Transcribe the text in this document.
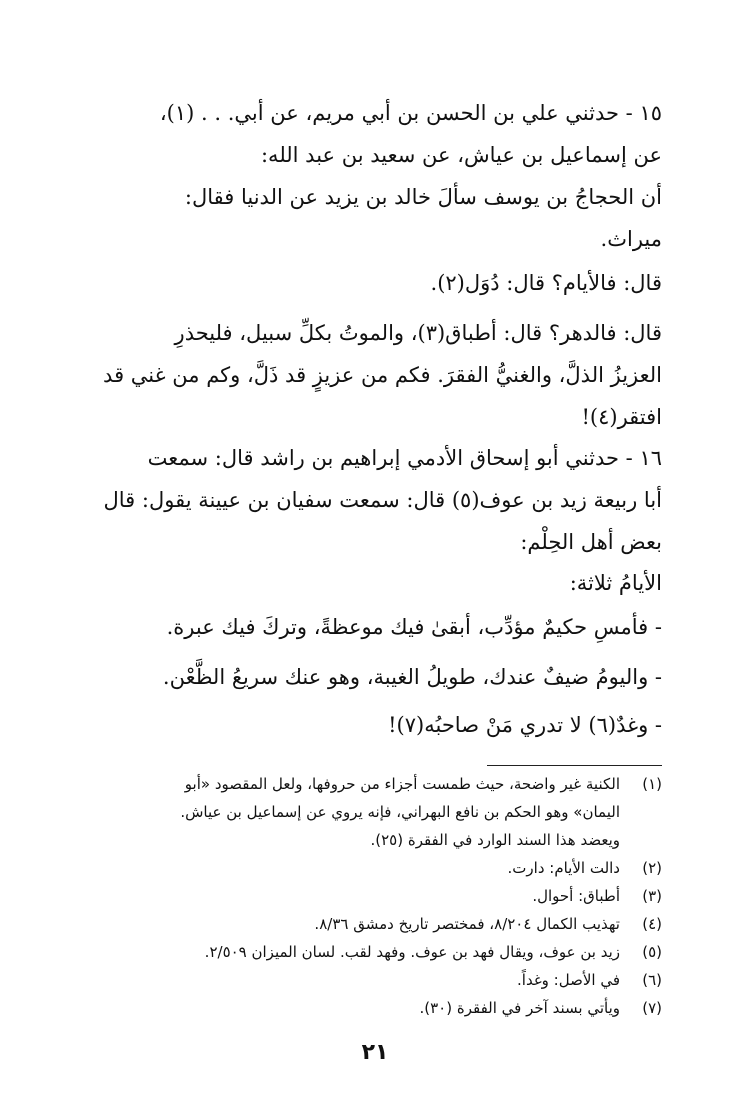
١٥ - حدثني علي بن الحسن بن أبي مريم، عن أبي. . . (١)،
عن إسماعيل بن عياش، عن سعيد بن عبد الله:
أن الحجاجُ بن يوسف سألَ خالد بن يزيد عن الدنيا فقال:
ميراث.
قال: فالأيام؟ قال: دُوَل(٢).
قال: فالدهر؟ قال: أطباق(٣)، والموتُ بكلِّ سبيل، فليحذرِ
العزيزُ الذلَّ، والغنيُّ الفقرَ. فكم من عزيزٍ قد ذَلَّ، وكم من غني قد
افتقر(٤)!
١٦ - حدثني أبو إسحاق الأدمي إبراهيم بن راشد قال: سمعت
أبا ربيعة زيد بن عوف(٥) قال: سمعت سفيان بن عيينة يقول: قال
بعض أهل الحِلْم:
الأيامُ ثلاثة:
- فأمسِ حكيمٌ مؤدِّب، أبقىٰ فيك موعظةً، وتركَ فيك عبرة.
- واليومُ ضيفٌ عندك، طويلُ الغيبة، وهو عنك سريعُ الظَّعْن.
- وغدٌ(٦) لا تدري مَنْ صاحبُه(٧)!
(١)
الكنية غير واضحة، حيث طمست أجزاء من حروفها، ولعل المقصود «أبو
اليمان» وهو الحكم بن نافع البهراني، فإنه يروي عن إسماعيل بن عياش.
ويعضد هذا السند الوارد في الفقرة (٢٥).
(٢)
دالت الأيام: دارت.
(٣)
أطباق: أحوال.
(٤)
تهذيب الكمال ٨/٢٠٤، فمختصر تاريخ دمشق ٨/٣٦.
(٥)
زيد بن عوف، ويقال فهد بن عوف. وفهد لقب. لسان الميزان ٢/٥٠٩.
(٦)
في الأصل: وغداً.
(٧)
ويأتي بسند آخر في الفقرة (٣٠).
٢١
